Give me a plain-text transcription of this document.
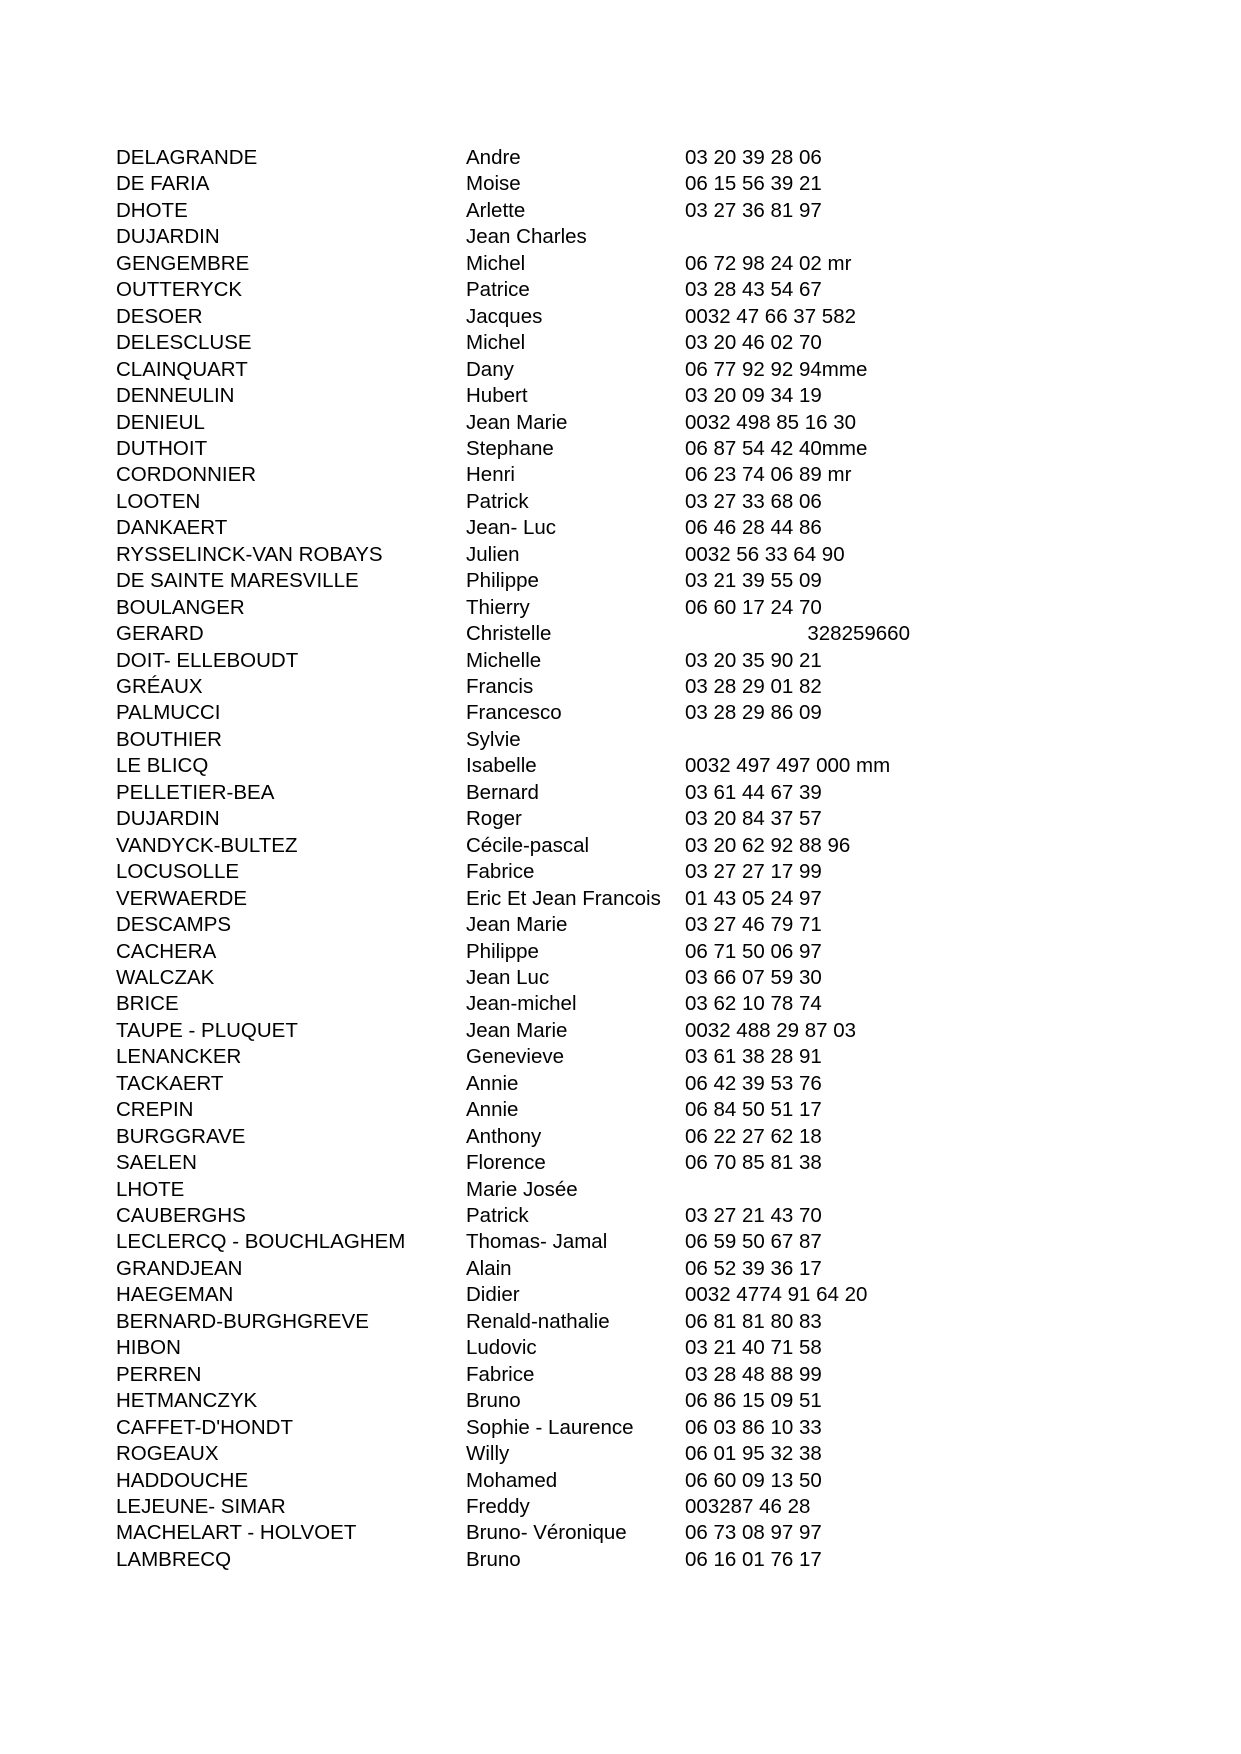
DELAGRANDE	Andre	03 20 39 28 06
DE FARIA	Moise	06 15 56 39 21
DHOTE	Arlette	03 27 36 81 97
DUJARDIN	Jean Charles
GENGEMBRE	Michel	06 72 98 24 02 mr
OUTTERYCK	Patrice	03 28 43 54 67
DESOER	Jacques	0032 47 66 37 582
DELESCLUSE	Michel	03 20 46 02 70
CLAINQUART	Dany	06 77 92 92 94mme
DENNEULIN	Hubert	03 20 09 34 19
DENIEUL	Jean Marie	0032 498 85 16 30
DUTHOIT	Stephane	06 87 54 42 40mme
CORDONNIER	Henri	06 23 74 06 89 mr
LOOTEN	Patrick	03 27 33 68 06
DANKAERT	Jean- Luc	06 46 28 44 86
RYSSELINCK-VAN ROBAYS	Julien	0032 56 33 64 90
DE SAINTE MARESVILLE	Philippe	03 21 39 55 09
BOULANGER	Thierry	06 60 17 24 70
GERARD	Christelle	328259660
DOIT- ELLEBOUDT	Michelle	03 20 35 90 21
GRÉAUX	Francis	03 28 29 01 82
PALMUCCI	Francesco	03 28 29 86 09
BOUTHIER	Sylvie
LE BLICQ	Isabelle	0032 497 497 000 mm
PELLETIER-BEA	Bernard	03 61 44 67 39
DUJARDIN	Roger	03 20 84 37 57
VANDYCK-BULTEZ	Cécile-pascal	03 20 62 92 88 96
LOCUSOLLE	Fabrice	03 27 27 17 99
VERWAERDE	Eric Et Jean Francois 01 43 05 24 97
DESCAMPS	Jean Marie	03 27 46 79 71
CACHERA	Philippe	06 71 50 06 97
WALCZAK	Jean Luc	03 66 07 59 30
BRICE	Jean-michel	03 62 10 78 74
TAUPE - PLUQUET	Jean Marie	0032 488 29 87 03
LENANCKER	Genevieve	03 61 38 28 91
TACKAERT	Annie	06 42 39 53 76
CREPIN	Annie	06 84 50 51 17
BURGGRAVE	Anthony	06 22 27 62 18
SAELEN	Florence	06 70 85 81 38
LHOTE	Marie Josée
CAUBERGHS	Patrick	03 27 21 43 70
LECLERCQ - BOUCHLAGHEM	Thomas- Jamal	06 59 50 67 87
GRANDJEAN	Alain	06 52 39 36 17
HAEGEMAN	Didier	0032 4774 91 64 20
BERNARD-BURGHGREVE	Renald-nathalie	06 81 81 80 83
HIBON	Ludovic	03 21 40 71 58
PERREN	Fabrice	03 28 48 88 99
HETMANCZYK	Bruno	06 86 15 09 51
CAFFET-D'HONDT	Sophie - Laurence	06 03 86 10 33
ROGEAUX	Willy	06 01 95 32 38
HADDOUCHE	Mohamed	06 60 09 13 50
LEJEUNE- SIMAR	Freddy	003287 46 28
MACHELART - HOLVOET	Bruno- Véronique	06 73 08 97 97
LAMBRECQ	Bruno	06 16 01 76 17
